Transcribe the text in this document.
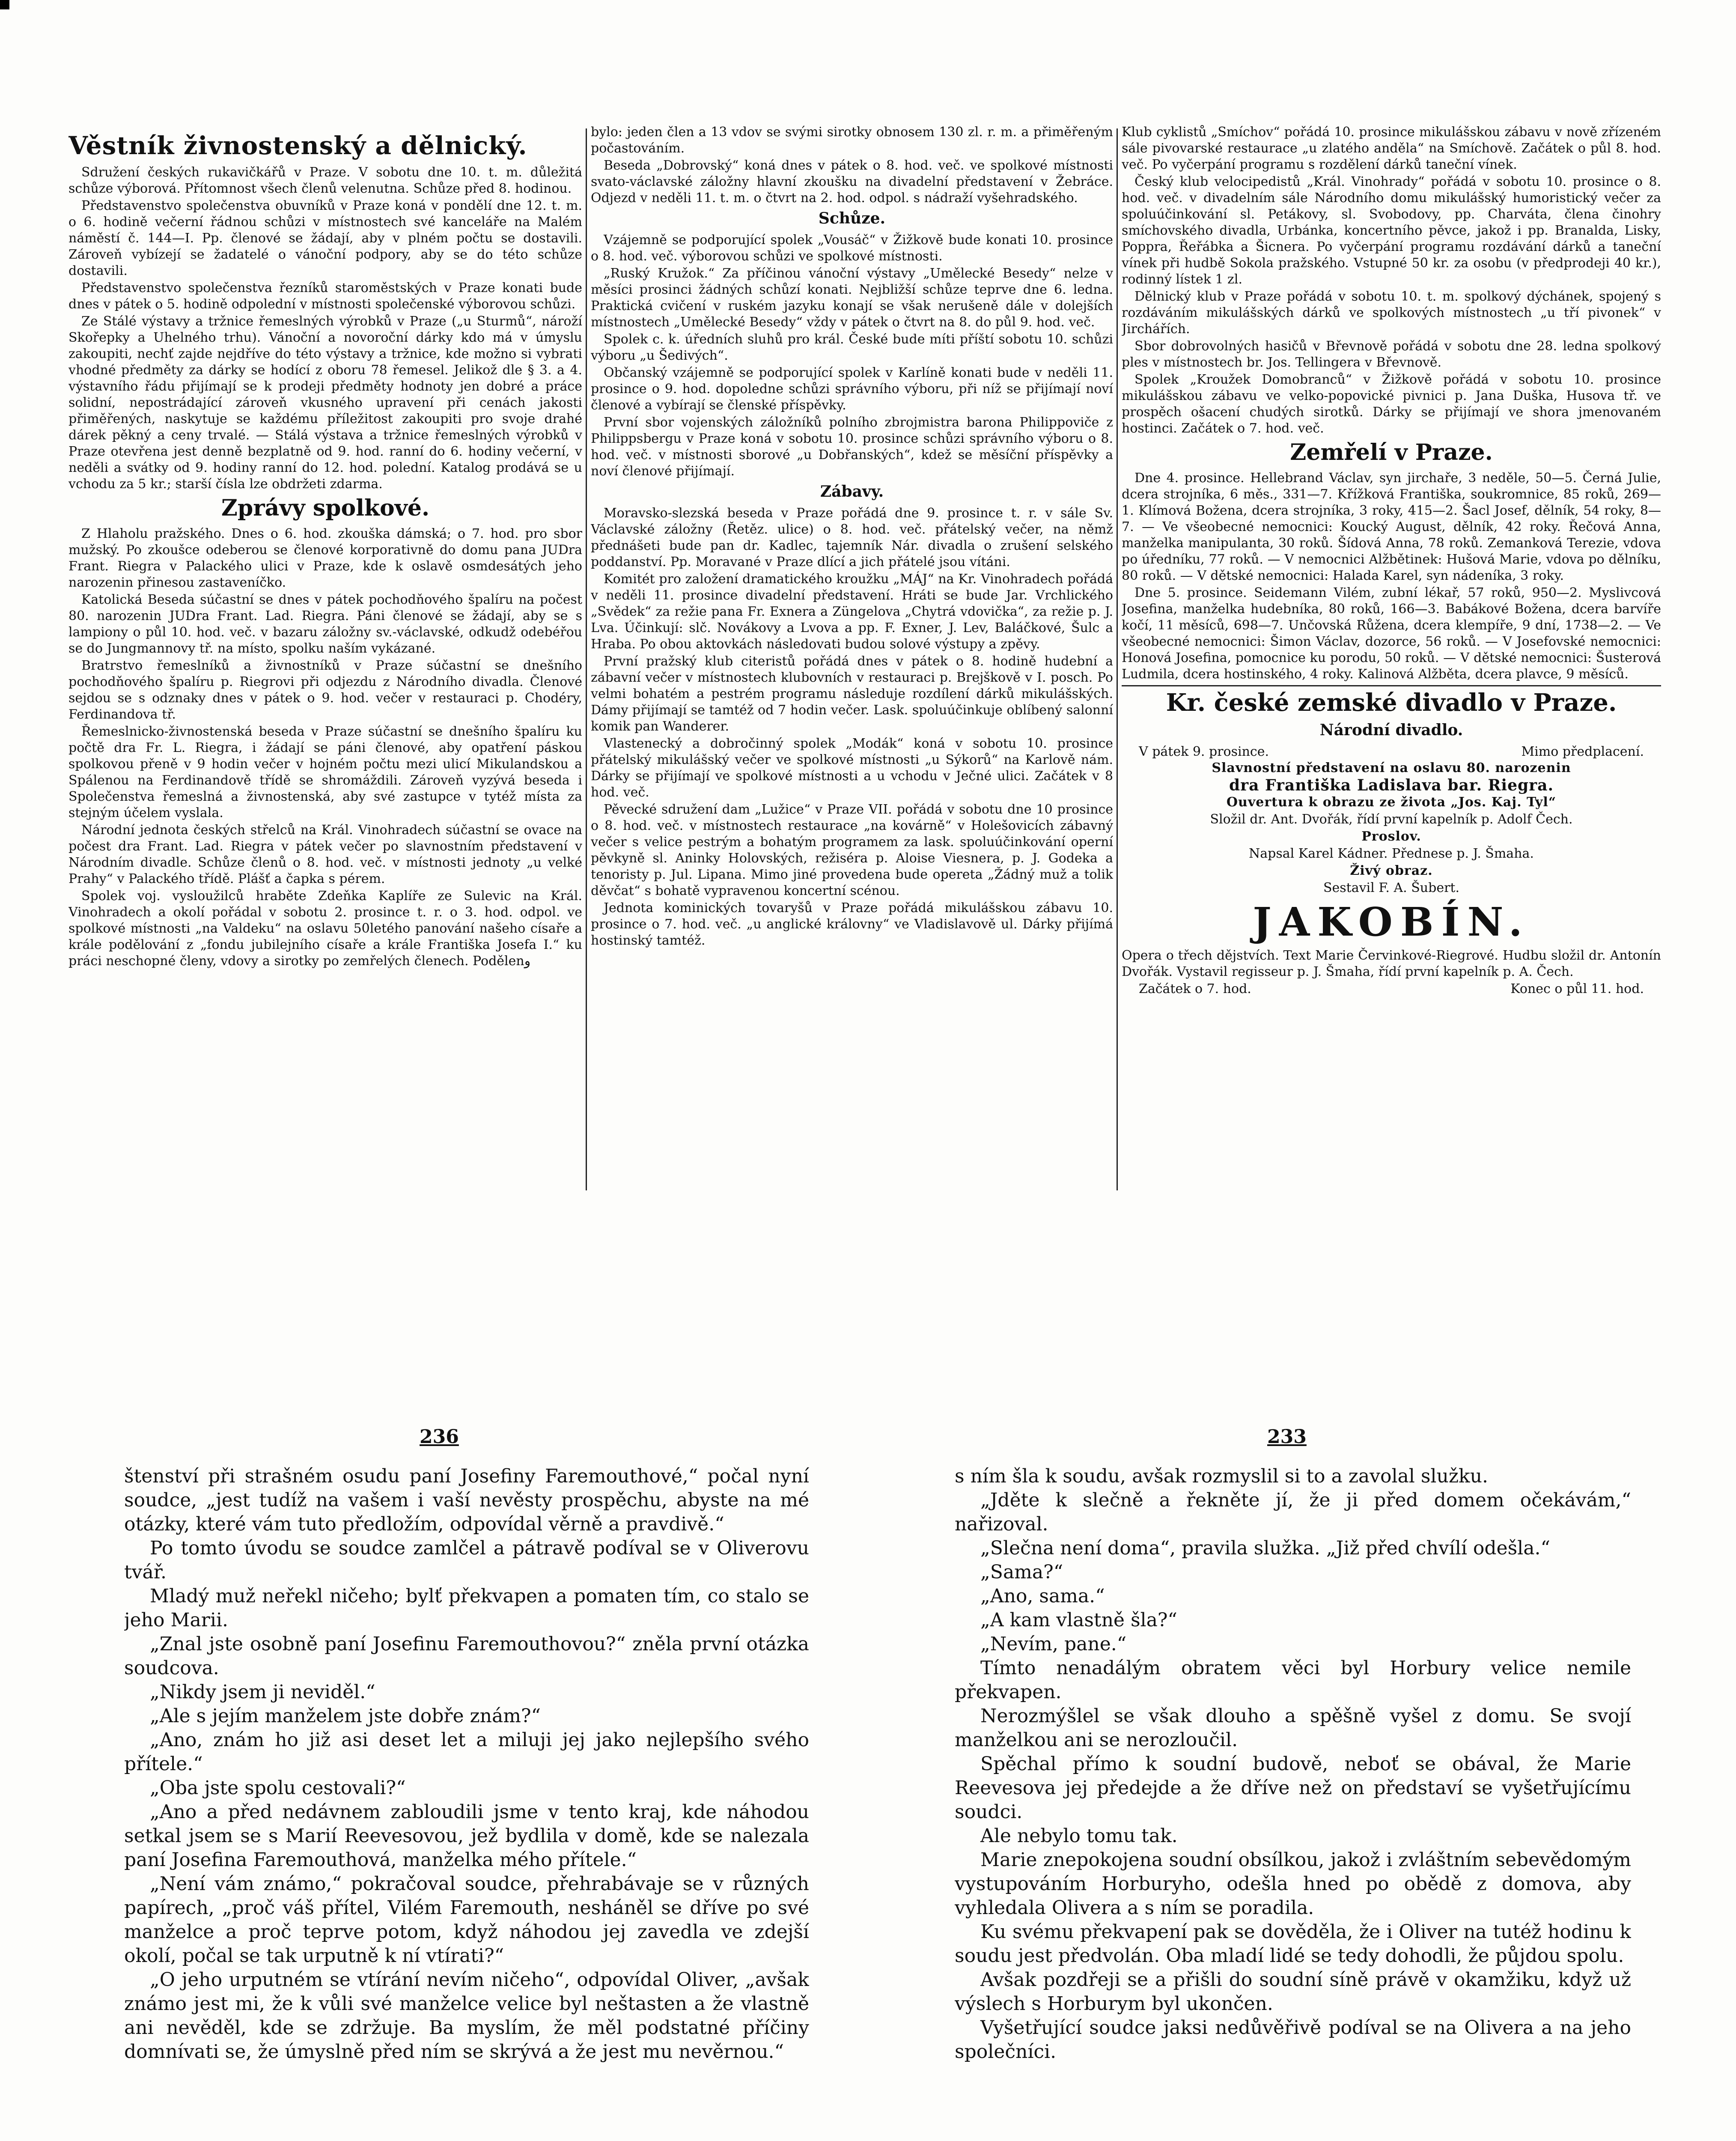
Věstník živnostenský a dělnický.

Sdružení českých rukavičkářů v Praze. V sobotu dne 10. t. m. důležitá schůze výborová. Přítomnost všech členů velenutna. Schůze před 8. hodinou.

Představenstvo společenstva obuvníků v Praze koná v pondělí dne 12. t. m. o 6. hodině večerní řádnou schůzi v místnostech své kanceláře na Malém náměstí č. 144—I. Pp. členové se žádají, aby v plném počtu se dostavili. Zároveň vybízejí se žadatelé o vánoční podpory, aby se do této schůze dostavili.

Představenstvo společenstva řezníků staroměstských v Praze konati bude dnes v pátek o 5. hodině odpolední v místnosti společenské výborovou schůzi.

Ze Stálé výstavy a tržnice řemeslných výrobků v Praze („u Sturmů“, nároží Skořepky a Uhelného trhu). Vánoční a novoroční dárky kdo má v úmyslu zakoupiti, nechť zajde nejdříve do této výstavy a tržnice, kde možno si vybrati vhodné předměty za dárky se hodící z oboru 78 řemesel. Jelikož dle § 3. a 4. výstavního řádu přijímají se k prodeji předměty hodnoty jen dobré a práce solidní, nepostrádající zároveň vkusného upravení při cenách jakosti přiměřených, naskytuje se každému příležitost zakoupiti pro svoje drahé dárek pěkný a ceny trvalé. — Stálá výstava a tržnice řemeslných výrobků v Praze otevřena jest denně bezplatně od 9. hod. ranní do 6. hodiny večerní, v neděli a svátky od 9. hodiny ranní do 12. hod. polední. Katalog prodává se u vchodu za 5 kr.; starší čísla lze obdržeti zdarma.

Zprávy spolkové.

Z Hlaholu pražského. Dnes o 6. hod. zkouška dámská; o 7. hod. pro sbor mužský. Po zkoušce odeberou se členové korporativně do domu pana JUDra Frant. Riegra v Palackého ulici v Praze, kde k oslavě osmdesátých jeho narozenin přinesou zastaveníčko.

Katolická Beseda súčastní se dnes v pátek pochodňového špalíru na počest 80. narozenin JUDra Frant. Lad. Riegra. Páni členové se žádají, aby se s lampiony o půl 10. hod. več. v bazaru záložny sv.-václavské, odkudž odebéřou se do Jungmannovy tř. na místo, spolku naším vykázané.

Bratrstvo řemeslníků a živnostníků v Praze súčastní se dnešního pochodňového špalíru p. Riegrovi při odjezdu z Národního divadla. Členové sejdou se s odznaky dnes v pátek o 9. hod. večer v restauraci p. Chodéry, Ferdinandova tř.

Řemeslnicko-živnostenská beseda v Praze súčastní se dnešního špalíru ku počtě dra Fr. L. Riegra, i žádají se páni členové, aby opatření páskou spolkovou přeně v 9 hodin večer v hojném počtu mezi ulicí Mikulandskou a Spálenou na Ferdinandově třídě se shromáždili. Zároveň vyzývá beseda i Společenstva řemeslná a živnostenská, aby své zastupce v tytéž místa za stejným účelem vyslala.

Národní jednota českých střelců na Král. Vinohradech súčastní se ovace na počest dra Frant. Lad. Riegra v pátek večer po slavnostním představení v Národním divadle. Schůze členů o 8. hod. več. v místnosti jednoty „u velké Prahy“ v Palackého třídě. Plášť a čapka s pérem.

Spolek voj. vysloužilců hraběte Zdeňka Kaplíře ze Sulevic na Král. Vinohradech a okolí pořádal v sobotu 2. prosince t. r. o 3. hod. odpol. ve spolkové místnosti „na Valdeku“ na oslavu 50letého panování našeho císaře a krále podělování z „fondu jubilejního císaře a krále Františka Josefa I.“ ku práci neschopné členy, vdovy a sirotky po zemřelých členech. Podělenو

bylo: jeden člen a 13 vdov se svými sirotky obnosem 130 zl. r. m. a přiměřeným počastováním.

Beseda „Dobrovský“ koná dnes v pátek o 8. hod. več. ve spolkové místnosti svato-václavské záložny hlavní zkoušku na divadelní představení v Žebráce. Odjezd v neděli 11. t. m. o čtvrt na 2. hod. odpol. s nádraží vyšehradského.

Schůze.

Vzájemně se podporující spolek „Vousáč“ v Žižkově bude konati 10. prosince o 8. hod. več. výborovou schůzi ve spolkové místnosti.

„Ruský Kružok.“ Za příčinou vánoční výstavy „Umělecké Besedy“ nelze v měsíci prosinci žádných schůzí konati. Nejbližší schůze teprve dne 6. ledna. Praktická cvičení v ruském jazyku konají se však nerušeně dále v dolejších místnostech „Umělecké Besedy“ vždy v pátek o čtvrt na 8. do půl 9. hod. več.

Spolek c. k. úředních sluhů pro král. České bude míti příští sobotu 10. schůzi výboru „u Šedivých“.

Občanský vzájemně se podporující spolek v Karlíně konati bude v neděli 11. prosince o 9. hod. dopoledne schůzi správního výboru, při níž se přijímají noví členové a vybírají se členské příspěvky.

První sbor vojenských záložníků polního zbrojmistra barona Philippoviče z Philippsbergu v Praze koná v sobotu 10. prosince schůzi správního výboru o 8. hod. več. v místnosti sborové „u Dobřanských“, kdež se měsíční příspěvky a noví členové přijímají.

Zábavy.

Moravsko-slezská beseda v Praze pořádá dne 9. prosince t. r. v sále Sv. Václavské záložny (Řetěz. ulice) o 8. hod. več. přátelský večer, na němž přednášeti bude pan dr. Kadlec, tajemník Nár. divadla o zrušení selského poddanství. Pp. Moravané v Praze dlící a jich přátelé jsou vítáni.

Komitét pro založení dramatického kroužku „MÁJ“ na Kr. Vinohradech pořádá v neděli 11. prosince divadelní představení. Hráti se bude Jar. Vrchlického „Svědek“ za režie pana Fr. Exnera a Züngelova „Chytrá vdovička“, za režie p. J. Lva. Účinkují: slč. Novákovy a Lvova a pp. F. Exner, J. Lev, Baláčkové, Šulc a Hraba. Po obou aktovkách následovati budou solové výstupy a zpěvy.

První pražský klub citeristů pořádá dnes v pátek o 8. hodině hudební a zábavní večer v místnostech klubovních v restauraci p. Brejškově v I. posch. Po velmi bohatém a pestrém programu následuje rozdílení dárků mikulášských. Dámy přijímají se tamtéž od 7 hodin večer. Lask. spoluúčinkuje oblíbený salonní komik pan Wanderer.

Vlastenecký a dobročinný spolek „Modák“ koná v sobotu 10. prosince přátelský mikulášský večer ve spolkové místnosti „u Sýkorů“ na Karlově nám. Dárky se přijímají ve spolkové místnosti a u vchodu v Ječné ulici. Začátek v 8 hod. več.

Pěvecké sdružení dam „Lužice“ v Praze VII. pořádá v sobotu dne 10 prosince o 8. hod. več. v místnostech restaurace „na kovárně“ v Holešovicích zábavný večer s velice pestrým a bohatým programem za lask. spoluúčinkování operní pěvkyně sl. Aninky Holovských, režiséra p. Aloise Viesnera, p. J. Godeka a tenoristy p. Jul. Lipana. Mimo jiné provedena bude opereta „Žádný muž a tolik děvčat“ s bohatě vypravenou koncertní scénou.

Jednota kominických tovaryšů v Praze pořádá mikulášskou zábavu 10. prosince o 7. hod. več. „u anglické královny“ ve Vladislavově ul. Dárky přijímá hostinský tamtéž.

Klub cyklistů „Smíchov“ pořádá 10. prosince mikulášskou zábavu v nově zřízeném sále pivovarské restaurace „u zlatého anděla“ na Smíchově. Začátek o půl 8. hod. več. Po vyčerpání programu s rozdělení dárků taneční vínek.

Český klub velocipedistů „Král. Vinohrady“ pořádá v sobotu 10. prosince o 8. hod. več. v divadelním sále Národního domu mikulášský humoristický večer za spoluúčinkování sl. Petákovy, sl. Svobodovy, pp. Charváta, člena činohry smíchovského divadla, Urbánka, koncertního pěvce, jakož i pp. Branalda, Lisky, Poppra, Řeřábka a Šicnera. Po vyčerpání programu rozdávání dárků a taneční vínek při hudbě Sokola pražského. Vstupné 50 kr. za osobu (v předprodeji 40 kr.), rodinný lístek 1 zl.

Dělnický klub v Praze pořádá v sobotu 10. t. m. spolkový dýchánek, spojený s rozdáváním mikulášských dárků ve spolkových místnostech „u tří pivonek“ v Jirchářích.

Sbor dobrovolných hasičů v Břevnově pořádá v sobotu dne 28. ledna spolkový ples v místnostech br. Jos. Tellingera v Břevnově.

Spolek „Kroužek Domobranců“ v Žižkově pořádá v sobotu 10. prosince mikulášskou zábavu ve velko-popovické pivnici p. Jana Duška, Husova tř. ve prospěch ošacení chudých sirotků. Dárky se přijímají ve shora jmenovaném hostinci. Začátek o 7. hod. več.

Zemřelí v Praze.

Dne 4. prosince. Hellebrand Václav, syn jirchaře, 3 neděle, 50—5. Černá Julie, dcera strojníka, 6 měs., 331—7. Křížková Františka, soukromnice, 85 roků, 269—1. Klímová Božena, dcera strojníka, 3 roky, 415—2. Šacl Josef, dělník, 54 roky, 8—7. — Ve všeobecné nemocnici: Koucký August, dělník, 42 roky. Řečová Anna, manželka manipulanta, 30 roků. Šídová Anna, 78 roků. Zemanková Terezie, vdova po úředníku, 77 roků. — V nemocnici Alžbětinek: Hušová Marie, vdova po dělníku, 80 roků. — V dětské nemocnici: Halada Karel, syn nádeníka, 3 roky.

Dne 5. prosince. Seidemann Vilém, zubní lékař, 57 roků, 950—2. Myslivcová Josefina, manželka hudebníka, 80 roků, 166—3. Babákové Božena, dcera barvíře kočí, 11 měsíců, 698—7. Unčovská Růžena, dcera klempíře, 9 dní, 1738—2. — Ve všeobecné nemocnici: Šimon Václav, dozorce, 56 roků. — V Josefovské nemocnici: Honová Josefina, pomocnice ku porodu, 50 roků. — V dětské nemocnici: Šusterová Ludmila, dcera hostinského, 4 roky. Kalinová Alžběta, dcera plavce, 9 měsíců.

Kr. české zemské divadlo v Praze.
Národní divadlo.
V pátek 9. prosince.	Mimo předplacení.

Slavnostní představení na oslavu 80. narozenin

dra Františka Ladislava bar. Riegra.

Ouvertura k obrazu ze života „Jos. Kaj. Tyl“

Složil dr. Ant. Dvořák, řídí první kapelník p. Adolf Čech.

Proslov.

Napsal Karel Kádner. Přednese p. J. Šmaha.

Živý obraz.

Sestavil F. A. Šubert.

JAKOBÍN.

Opera o třech dějstvích. Text Marie Červinkové-Riegrové. Hudbu složil dr. Antonín Dvořák. Vystavil regisseur p. J. Šmaha, řídí první kapelník p. A. Čech.

Začátek o 7. hod.	Konec o půl 11. hod.
236	233

štenství při strašném osudu paní Josefiny Faremouthové,“ počal nyní soudce, „jest tudíž na vašem i vaší nevěsty prospěchu, abyste na mé otázky, které vám tuto předložím, odpovídal věrně a pravdivě.“

Po tomto úvodu se soudce zamlčel a pátravě podíval se v Oliverovu tvář.

Mladý muž neřekl ničeho; bylť překvapen a pomaten tím, co stalo se jeho Marii.

„Znal jste osobně paní Josefinu Faremouthovou?“ zněla první otázka soudcova.

„Nikdy jsem ji neviděl.“

„Ale s jejím manželem jste dobře znám?“

„Ano, znám ho již asi deset let a miluji jej jako nejlepšího svého přítele.“

„Oba jste spolu cestovali?“

„Ano a před nedávnem zabloudili jsme v tento kraj, kde náhodou setkal jsem se s Marií Reevesovou, jež bydlila v domě, kde se nalezala paní Josefina Faremouthová, manželka mého přítele.“

„Není vám známo,“ pokračoval soudce, přehrabávaje se v různých papírech, „proč váš přítel, Vilém Faremouth, nesháněl se dříve po své manželce a proč teprve potom, když náhodou jej zavedla ve zdejší okolí, počal se tak urputně k ní vtírati?“

„O jeho urputném se vtírání nevím ničeho“, odpovídal Oliver, „avšak známo jest mi, že k vůli své manželce velice byl neštasten a že vlastně ani nevěděl, kde se zdržuje. Ba myslím, že měl podstatné příčiny domnívati se, že úmyslně před ním se skrývá a že jest mu nevěrnou.“

s ním šla k soudu, avšak rozmyslil si to a zavolal služku.

„Jděte k slečně a řekněte jí, že ji před domem očekávám,“ nařizoval.

„Slečna není doma“, pravila služka. „Již před chvílí odešla.“

„Sama?“

„Ano, sama.“

„A kam vlastně šla?“

„Nevím, pane.“

Tímto nenadálým obratem věci byl Horbury velice nemile překvapen.

Nerozmýšlel se však dlouho a spěšně vyšel z domu. Se svojí manželkou ani se nerozloučil.

Spěchal přímo k soudní budově, neboť se obával, že Marie Reevesova jej předejde a že dříve než on představí se vyšetřujícímu soudci.

Ale nebylo tomu tak.

Marie znepokojena soudní obsílkou, jakož i zvláštním sebevědomým vystupováním Horburyho, odešla hned po obědě z domova, aby vyhledala Olivera a s ním se poradila.

Ku svému překvapení pak se dověděla, že i Oliver na tutéž hodinu k soudu jest předvolán. Oba mladí lidé se tedy dohodli, že půjdou spolu.

Avšak pozdřeji se a přišli do soudní síně právě v okamžiku, když už výslech s Horburym byl ukončen.

Vyšetřující soudce jaksi nedůvěřivě podíval se na Olivera a na jeho společníci.
